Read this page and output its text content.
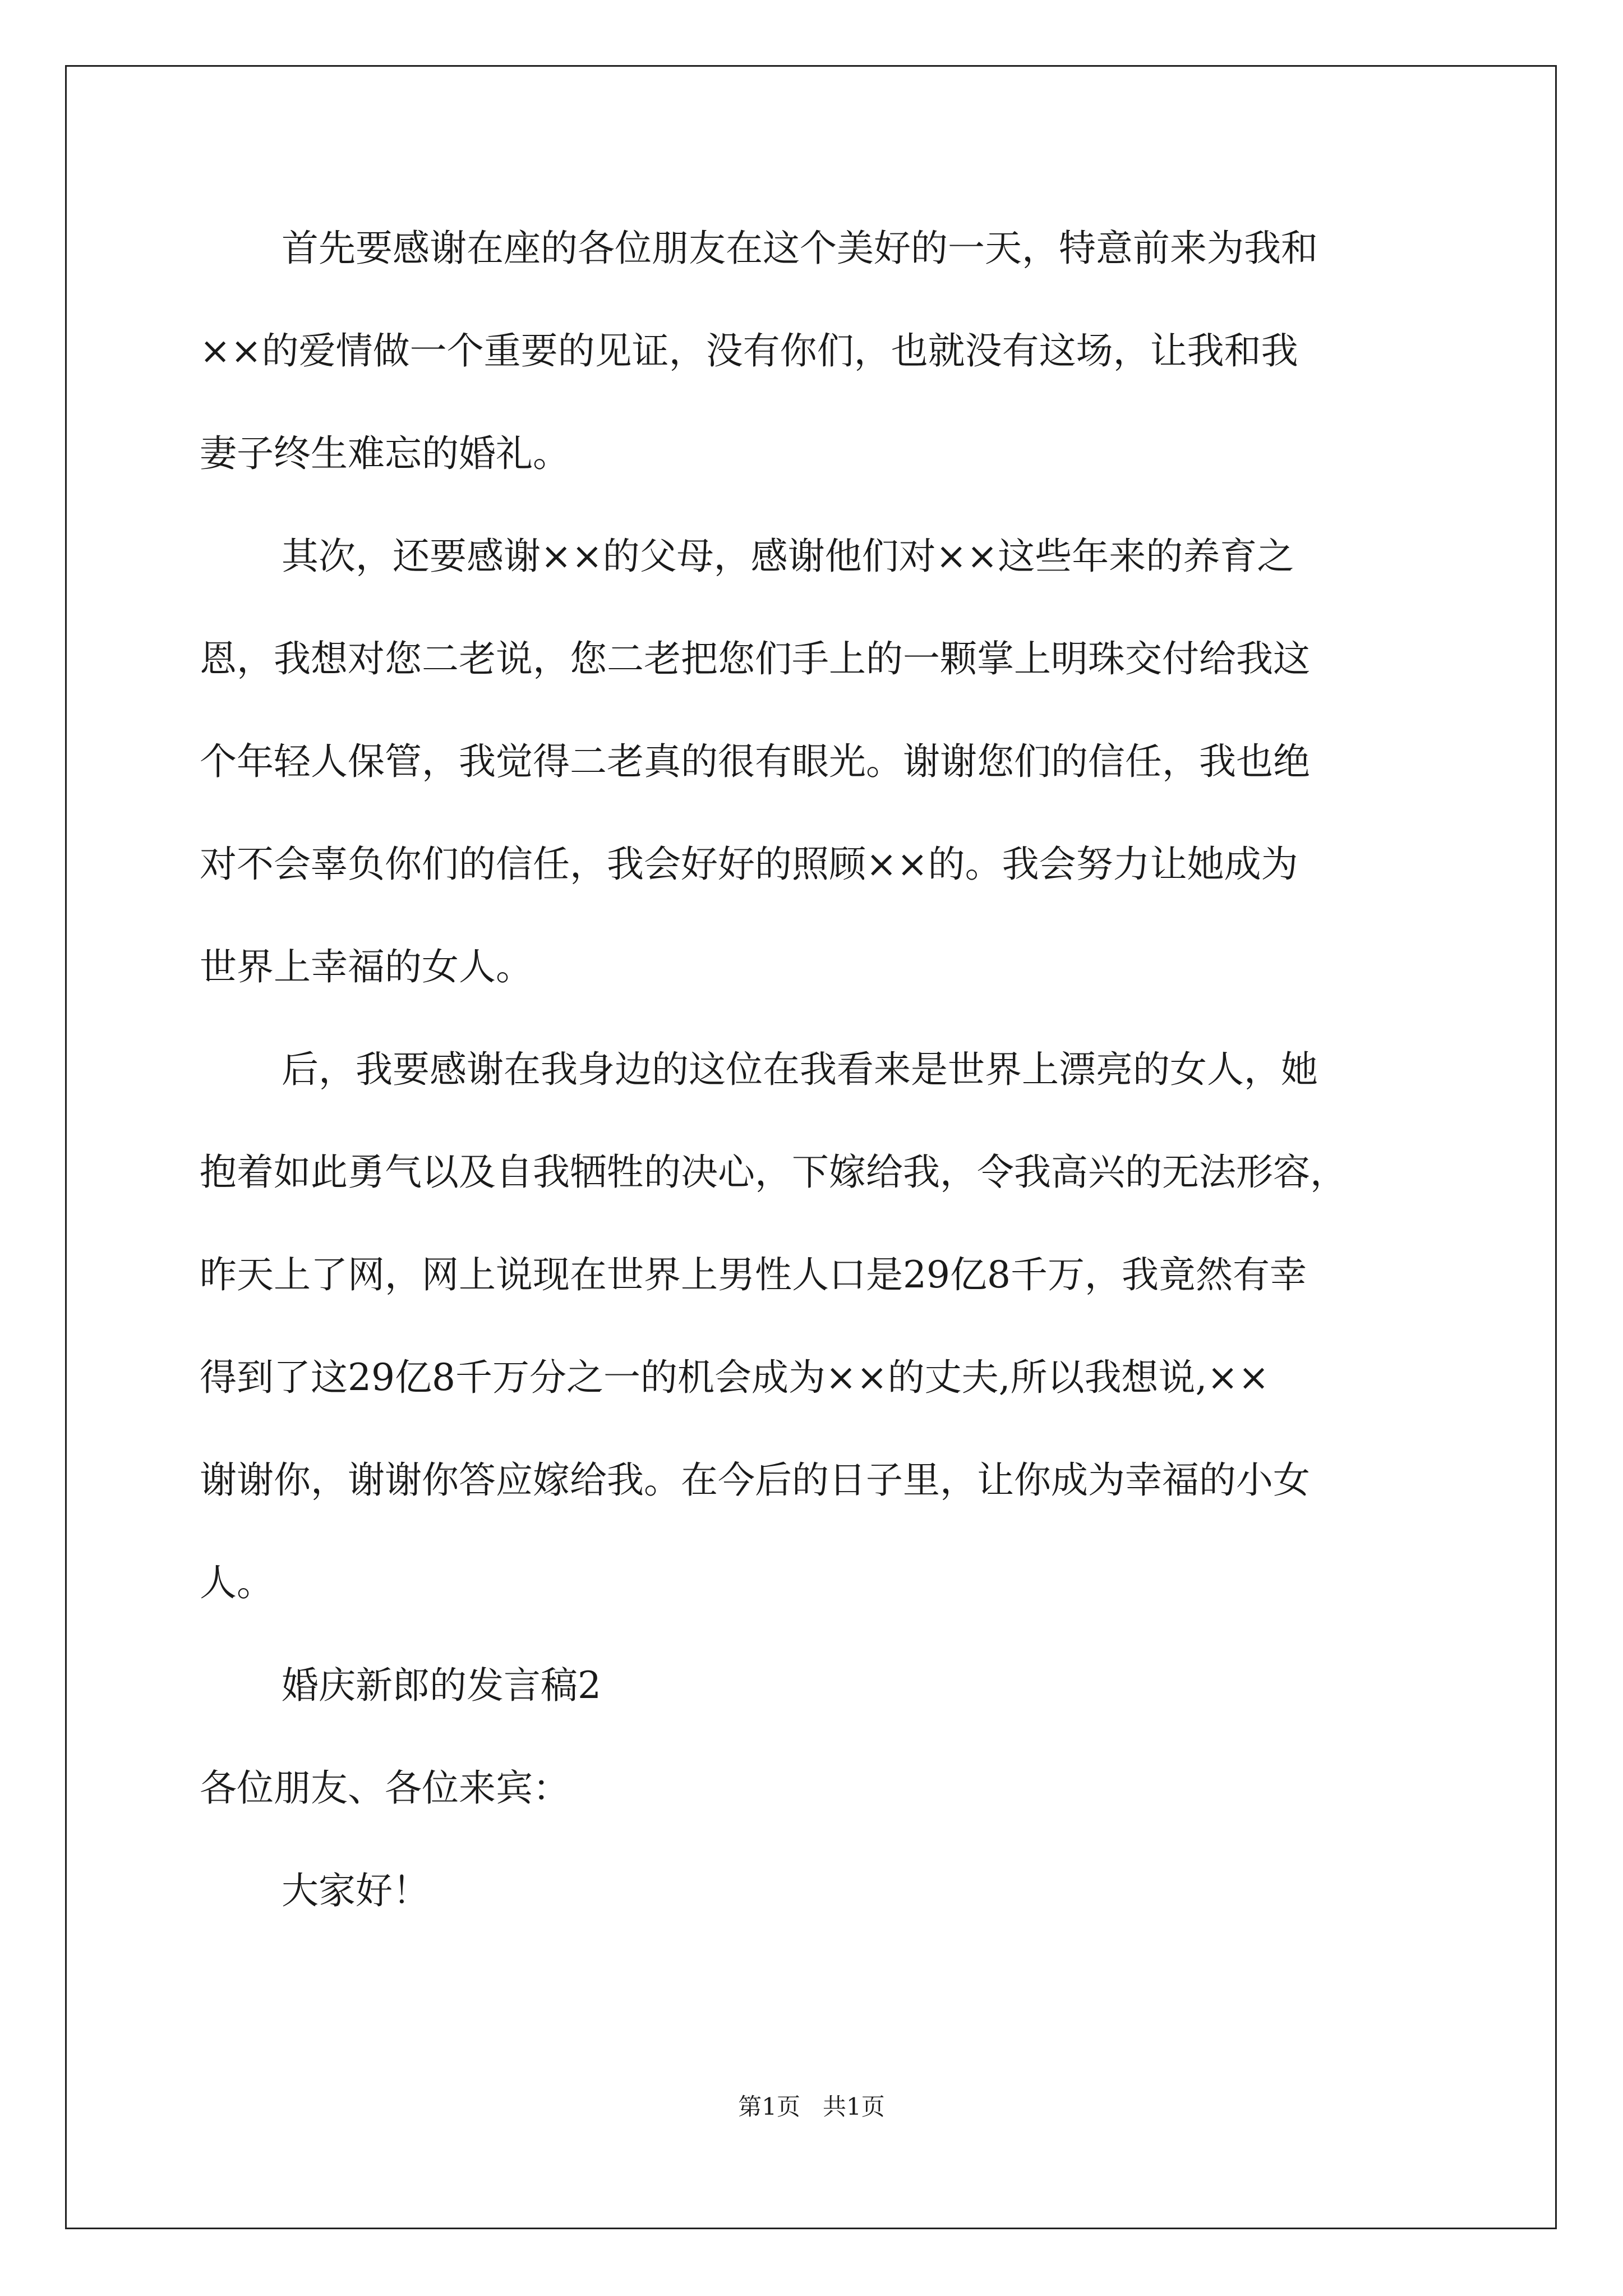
首先要感谢在座的各位朋友在这个美好的一天，特意前来为我和
××的爱情做一个重要的见证，没有你们，也就没有这场，让我和我
妻子终生难忘的婚礼。
其次，还要感谢××的父母，感谢他们对××这些年来的养育之
恩，我想对您二老说，您二老把您们手上的一颗掌上明珠交付给我这
个年轻人保管，我觉得二老真的很有眼光。谢谢您们的信任，我也绝
对不会辜负你们的信任，我会好好的照顾××的。我会努力让她成为
世界上幸福的女人。
后，我要感谢在我身边的这位在我看来是世界上漂亮的女人，她
抱着如此勇气以及自我牺牲的决心，下嫁给我，令我高兴的无法形容，
昨天上了网，网上说现在世界上男性人口是29亿8千万，我竟然有幸
得到了这29亿8千万分之一的机会成为××的丈夫,所以我想说,××
谢谢你，谢谢你答应嫁给我。在今后的日子里，让你成为幸福的小女
人。
婚庆新郎的发言稿2
各位朋友、各位来宾：
大家好！
第1页 共1页
